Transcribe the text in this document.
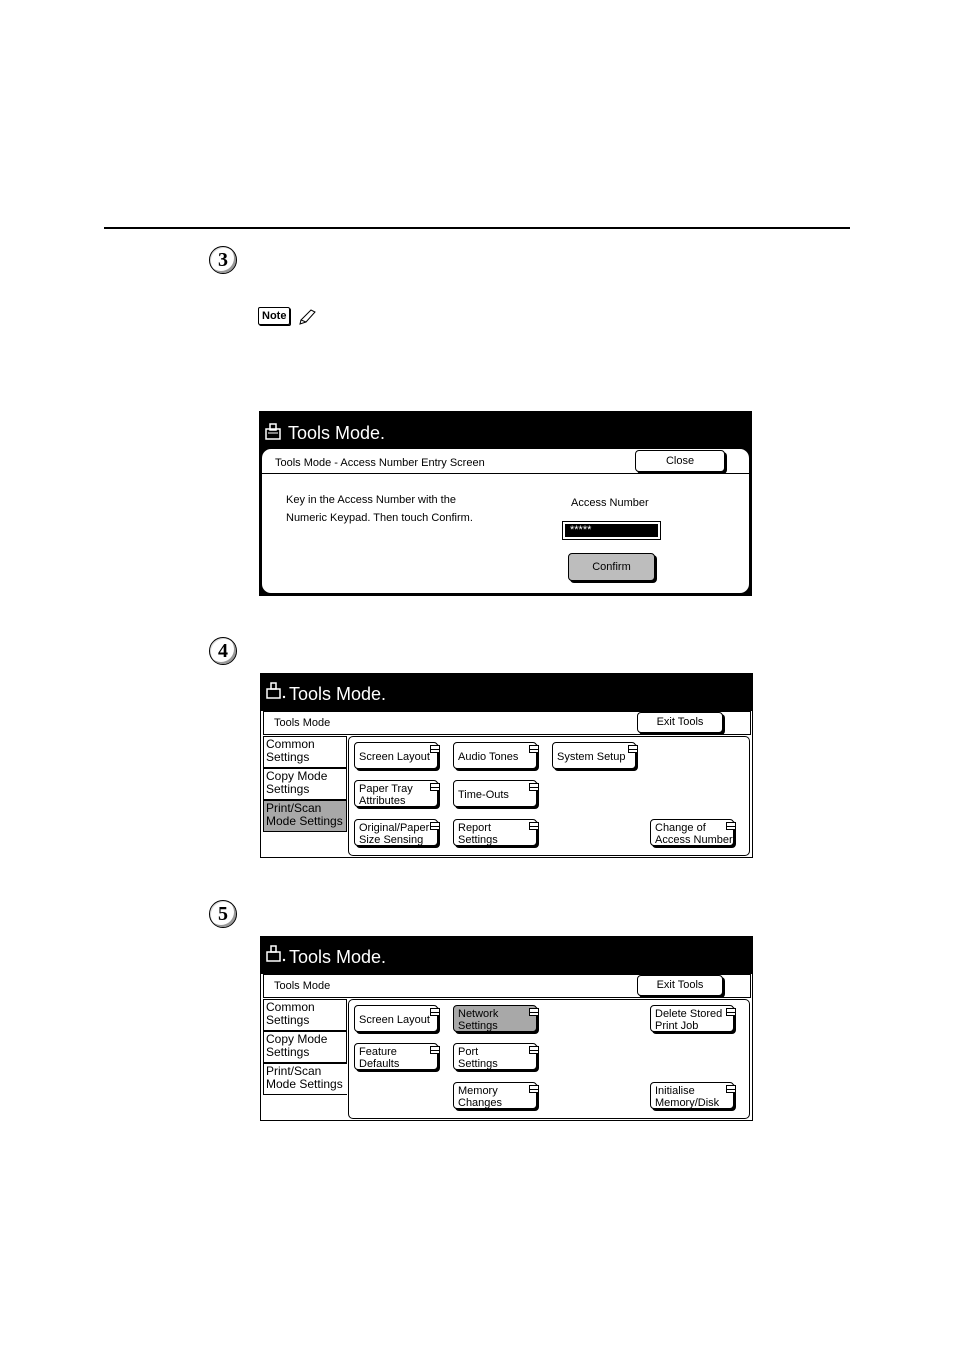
3
Note
Tools Mode.
Tools Mode - Access Number Entry Screen	Close
Key in the Access Number with the
Numeric Keypad. Then touch Confirm.
Access Number
*****
Confirm
4
Tools Mode.
Tools Mode	Exit Tools
Common
Settings
Copy Mode
Settings
Print/Scan
Mode Settings
Screen Layout	Audio Tones	System Setup
Paper Tray
Attributes	Time-Outs
Original/Paper
Size Sensing
Report
Settings
Change of
Access Number
5
Tools Mode.
Tools Mode	Exit Tools
Common
Settings
Copy Mode
Settings
Print/Scan
Mode Settings
Screen Layout	Network
Settings
Delete Stored
Print Job
Feature
Defaults
Port
Settings
Memory
Changes
Initialise
Memory/Disk
